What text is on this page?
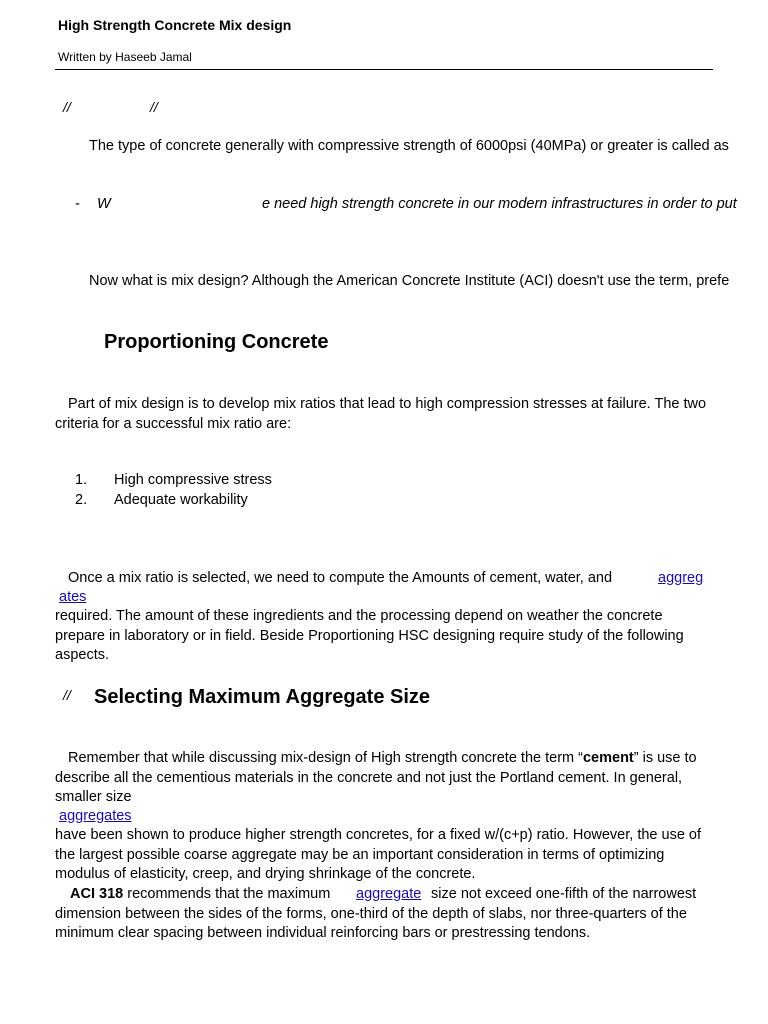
High Strength Concrete Mix design
Written by Haseeb Jamal
//	//
The type of concrete generally with compressive strength of 6000psi (40MPa) or greater is called as
- W	e need high strength concrete in our modern infrastructures in order to put
Now what is mix design? Although the American Concrete Institute (ACI) doesn't use the term, prefe
Proportioning Concrete
Part of mix design is to develop mix ratios that lead to high compression stresses at failure. The two criteria for a successful mix ratio are:
1. High compressive stress
2. Adequate workability
Once a mix ratio is selected, we need to compute the Amounts of cement, water, and	aggreg
ates
required. The amount of these ingredients and the processing depend on weather the concrete prepare in laboratory or in field. Beside Proportioning HSC designing require study of the following aspects.
// Selecting Maximum Aggregate Size
Remember that while discussing mix-design of High strength concrete the term “cement” is use to describe all the cementious materials in the concrete and not just the Portland cement. In general, smaller size
aggregates
have been shown to produce higher strength concretes, for a fixed w/(c+p) ratio. However, the use of the largest possible coarse aggregate may be an important consideration in terms of optimizing modulus of elasticity, creep, and drying shrinkage of the concrete.
ACI 318 recommends that the maximum aggregate
size not exceed one-fifth of the narrowest dimension between the sides of the forms, one-third of the depth of slabs, nor three-quarters of the minimum clear spacing between individual reinforcing bars or prestressing tendons.
